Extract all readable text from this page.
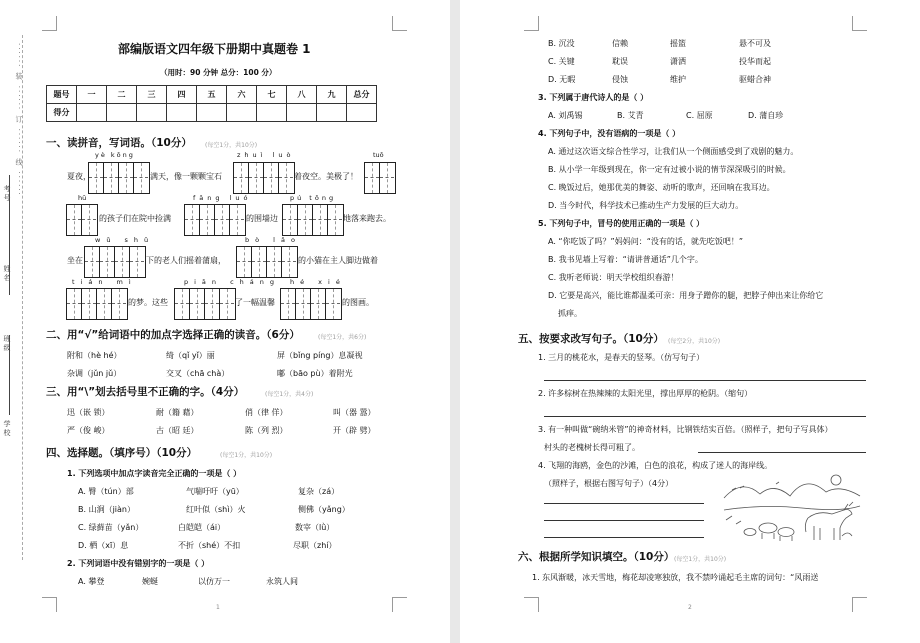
······ 装 ······ 订 ······ 线 ······
考号
姓名
班级
学校
部编版语文四年级下册期中真题卷 1
（用时：90 分钟 总分：100 分）
题号	一	二	三	四	五	六	七	八	九	总分
得分										
一、读拼音，写词语。（10分） (每空1分，共10分)
夏夜，
yè kōng
满天，像一颗颗宝石
zhuì luò
着夜空。美极了！
tuō
hū
的孩子们在院中捡满
fāng luó
的围墙边
pú tōng
地落来跑去。
坐在
wǔ shǔ
下的老人们摇着蒲扇，
bò lǎo
的小猫在主人脚边做着
tián mì
的梦。这些
piān cháng
了一幅温馨
hé xié
的图画。
二、用“√”给词语中的加点字选择正确的读音。（6分）	(每空1分，共6分)
附和（hè hé）	绮（qǐ yǐ）丽	屏（bǐng píng）息凝视
杂调（jǔn jǔ）	交叉（chā chà）	嘟（bāo pù）着附光
三、用“\”划去括号里不正确的字。（4分）	(每空1分，共4分)
迅（嵌 锁）	耐（籍 藉）	俏（律 佯）	叫（器 嚣）
严（俊 峻）	古（昭 廷）	陈（列 烈）	开（辟 劈）
四、选择题。（填序号）（10分）	(每空1分，共10分)
1. 下列选项中加点字读音完全正确的一项是（ ）
A. 臀（tún）部	气喘吁吁（yū）	复杂（zá）
B. 山涧（jiàn）	红叶似（shì）火	侧佛（yǎng）
C. 绿藓苗（yǎn）	白皑皑（ái）	数宰（lǜ）
D. 栖（xī）息	不折（shé）不扣	尽职（zhí）
2. 下列词语中没有错别字的一项是（ ）
A. 攀登	婉蜒	以仿万一	永筑人间
1
B. 沉没	信赖	摇篮	悬不可及
C. 关键	耽误	潇洒	投华而起
D. 无暇	侵蚀	维护	驱蜡合神
3. 下列属于唐代诗人的是（ ）
A. 刘禹锡	B. 艾青	C. 屈原	D. 蒲自珍
4. 下列句子中，没有语病的一项是（ ）
A. 通过这次语文综合性学习，让我们从一个侧面感受到了戏剧的魅力。
B. 从小学一年级到现在，你一定有过被小说的情节深深吸引的时候。
C. 晚饭过后，她那优美的舞姿、动听的歌声，还回响在我耳边。
D. 当今时代，科学技术已推动生产力发展的巨大动力。
5. 下列句子中，冒号的使用正确的一项是（ ）
A. “你吃饭了吗？”妈妈问：“没有的话，就先吃饭吧！”
B. 我书见墙上写着：“请讲普通话”几个字。
C. 我听老师说：明天学校组织春游！
D. 它要是高兴，能比谁都温柔可亲：用身子蹭你的腿，把脖子伸出来让你给它
抓痒。
五、按要求改写句子。（10分） (每空2分，共10分)
1. 三月的桃花水，是春天的竖琴。（仿写句子）
2. 许多棕树在热辣辣的太阳光里，撑出厚厚的枪阴。（缩句）
3. 有一种叫做“碗纳米管”的神奇材料，比钢铁结实百倍。（照样子，把句子写具体）
村头的老槐树长得可粗了。
4. 飞翔的海鸥，金色的沙滩，白色的浪花，构成了迷人的海岸线。
（照样子，根据右图写句子）（4分）
六、根据所学知识填空。（10分） (每空1分，共10分)
1. 东风渐暖，冰天雪地，梅花却凌寒独放，我不禁吟诵起毛主席的词句：“风雨送
2
